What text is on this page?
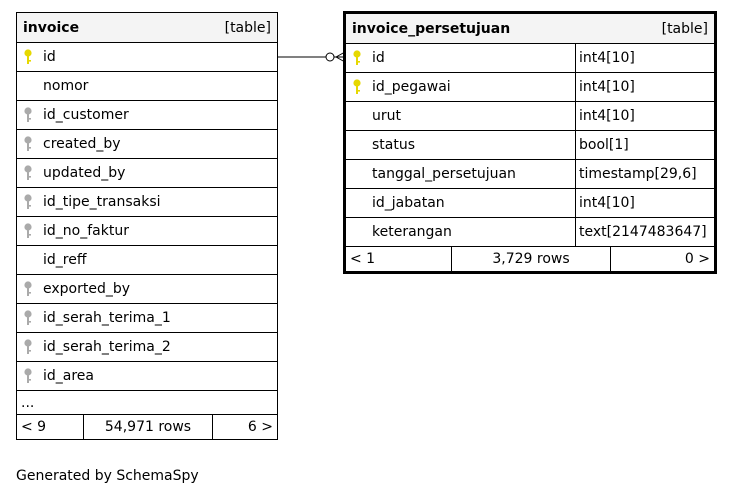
invoice	[table]
id
nomor
id_customer
created_by
updated_by
id_tipe_transaksi
id_no_faktur
id_reff
exported_by
id_serah_terima_1
id_serah_terima_2
id_area
...
< 9	54,971 rows	6 >
invoice_persetujuan	[table]
id	int4[10]
id_pegawai	int4[10]
urut	int4[10]
status	bool[1]
tanggal_persetujuan	timestamp[29,6]
id_jabatan	int4[10]
keterangan	text[2147483647]
< 1	3,729 rows	0 >
Generated by SchemaSpy
